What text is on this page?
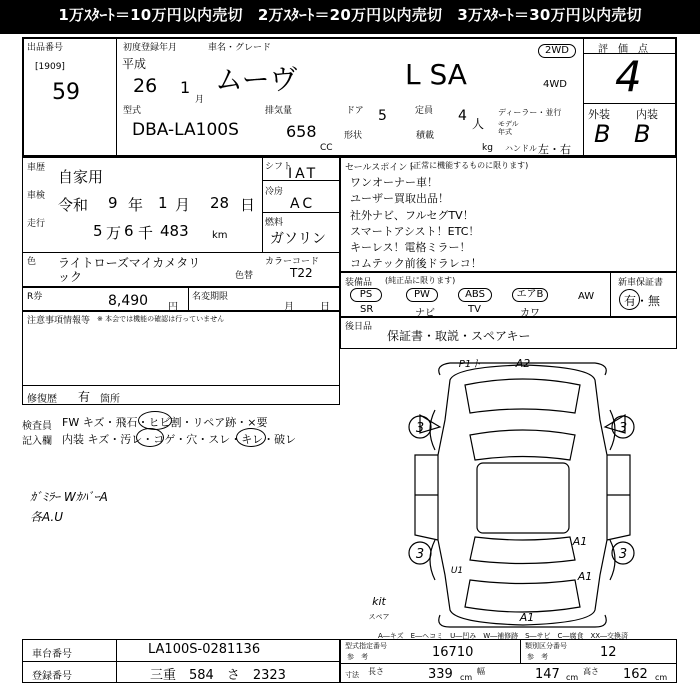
1万ｽﾀｰﾄ＝10万円以内売切　2万ｽﾀｰﾄ＝20万円以内売切　3万ｽﾀｰﾄ＝30万円以内売切
出品番号
[1909]
59
初度登録年月
平成
26 1
月
車名・グレード
ムーヴ	L SA
2WD
4WD
型式
DBA-LA100S
排気量
658
CC
ドア 5
形状
定員 4 人
積載
kg
ディーラー・並行
モデル
年式
ハンドル 左・右
評　価　点
4
外装 内装
B B
車歴 自家用
車検 令和 9 年 1 月 28 日
走行	5 万 6 千 483 km
シフト
IAT
冷房
AC
燃料
ガソリン
色 ライトローズマイカメタリ
ック	色替
カラーコード
T22
R券	8,490 円
名変期限
月	日
注意事項情報等 ※ 本会では機能の確認は行っていません
修復歴 有 箇所
セールスポイント
(正常に機能するものに限ります)
ワンオーナー車！
ユーザー買取出品！
社外ナビ、フルセグTV！
スマートアシスト！ETC！
キーレス！電格ミラー！
コムテック前後ドラレコ！
装備品 (純正品に限ります)
PS
SR
PW
ナビ
ABS
TV
エアB
カワ
AW
新車保証書
有・無
後日品
保証書・取説・スペアキー
検査員
記入欄
FW キズ・飛石・ヒビ割・リペア跡・×要
内装 キズ・汚レ・コゲ・穴・スレ・キレ・破レ
ｶﾞﾐﾗｰ WｶﾊﾞｰA
各A.U
3	3
3	3
A2
P1ト
A1
A1
U1
A1
kit
スペア
A―キズ　E―ヘコミ　U―凹み　W―補修跡　S―サビ　C―腐食　XX―交換済
車台番号	LA100S-0281136
登録番号	三重　584　さ　2323
型式指定番号
参　考	16710	類別区分番号
参　考	12
寸法 長さ	339 cm
幅	147 cm
高さ 162 cm
